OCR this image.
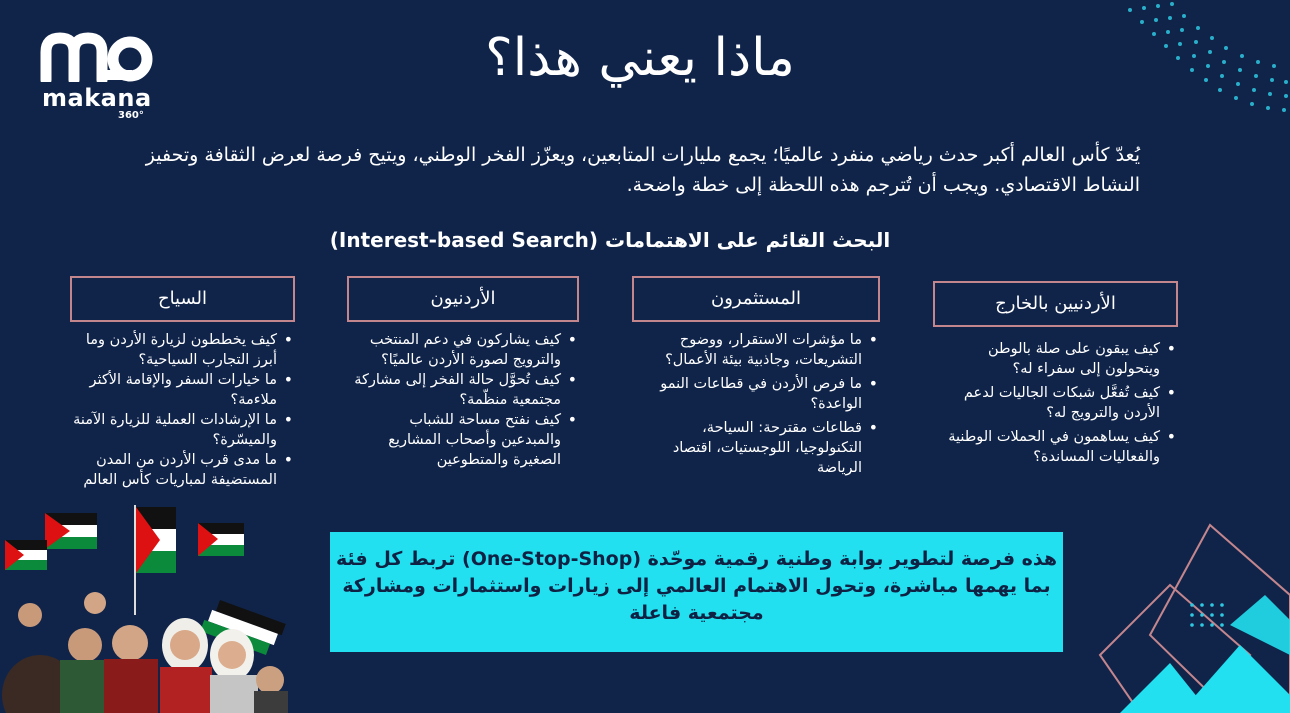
makana
360°
ماذا يعني هذا؟
يُعدّ كأس العالم أكبر حدث رياضي منفرد عالميًا؛ يجمع مليارات المتابعين، ويعزّز الفخر الوطني، ويتيح فرصة لعرض الثقافة وتحفيز النشاط الاقتصادي. ويجب أن تُترجم هذه اللحظة إلى خطة واضحة.
البحث القائم على الاهتمامات (Interest-based Search)
الأردنيين بالخارج
• كيف يبقون على صلة بالوطن ويتحولون إلى سفراء له؟
• كيف تُفعَّل شبكات الجاليات لدعم الأردن والترويج له؟
• كيف يساهمون في الحملات الوطنية والفعاليات المساندة؟
المستثمرون
• ما مؤشرات الاستقرار، ووضوح التشريعات، وجاذبية بيئة الأعمال؟
• ما فرص الأردن في قطاعات النمو الواعدة؟
• قطاعات مقترحة: السياحة، التكنولوجيا، اللوجستيات، اقتصاد الرياضة
الأردنيون
• كيف يشاركون في دعم المنتخب والترويج لصورة الأردن عالميًا؟
• كيف تُحوَّل حالة الفخر إلى مشاركة مجتمعية منظّمة؟
• كيف نفتح مساحة للشباب والمبدعين وأصحاب المشاريع الصغيرة والمتطوعين
السياح
• كيف يخططون لزيارة الأردن وما أبرز التجارب السياحية؟
• ما خيارات السفر والإقامة الأكثر ملاءمة؟
• ما الإرشادات العملية للزيارة الآمنة والميسّرة؟
• ما مدى قرب الأردن من المدن المستضيفة لمباريات كأس العالم
هذه فرصة لتطوير بوابة وطنية رقمية موحّدة (One-Stop-Shop) تربط كل فئة بما يهمها مباشرة، وتحول الاهتمام العالمي إلى زيارات واستثمارات ومشاركة مجتمعية فاعلة
